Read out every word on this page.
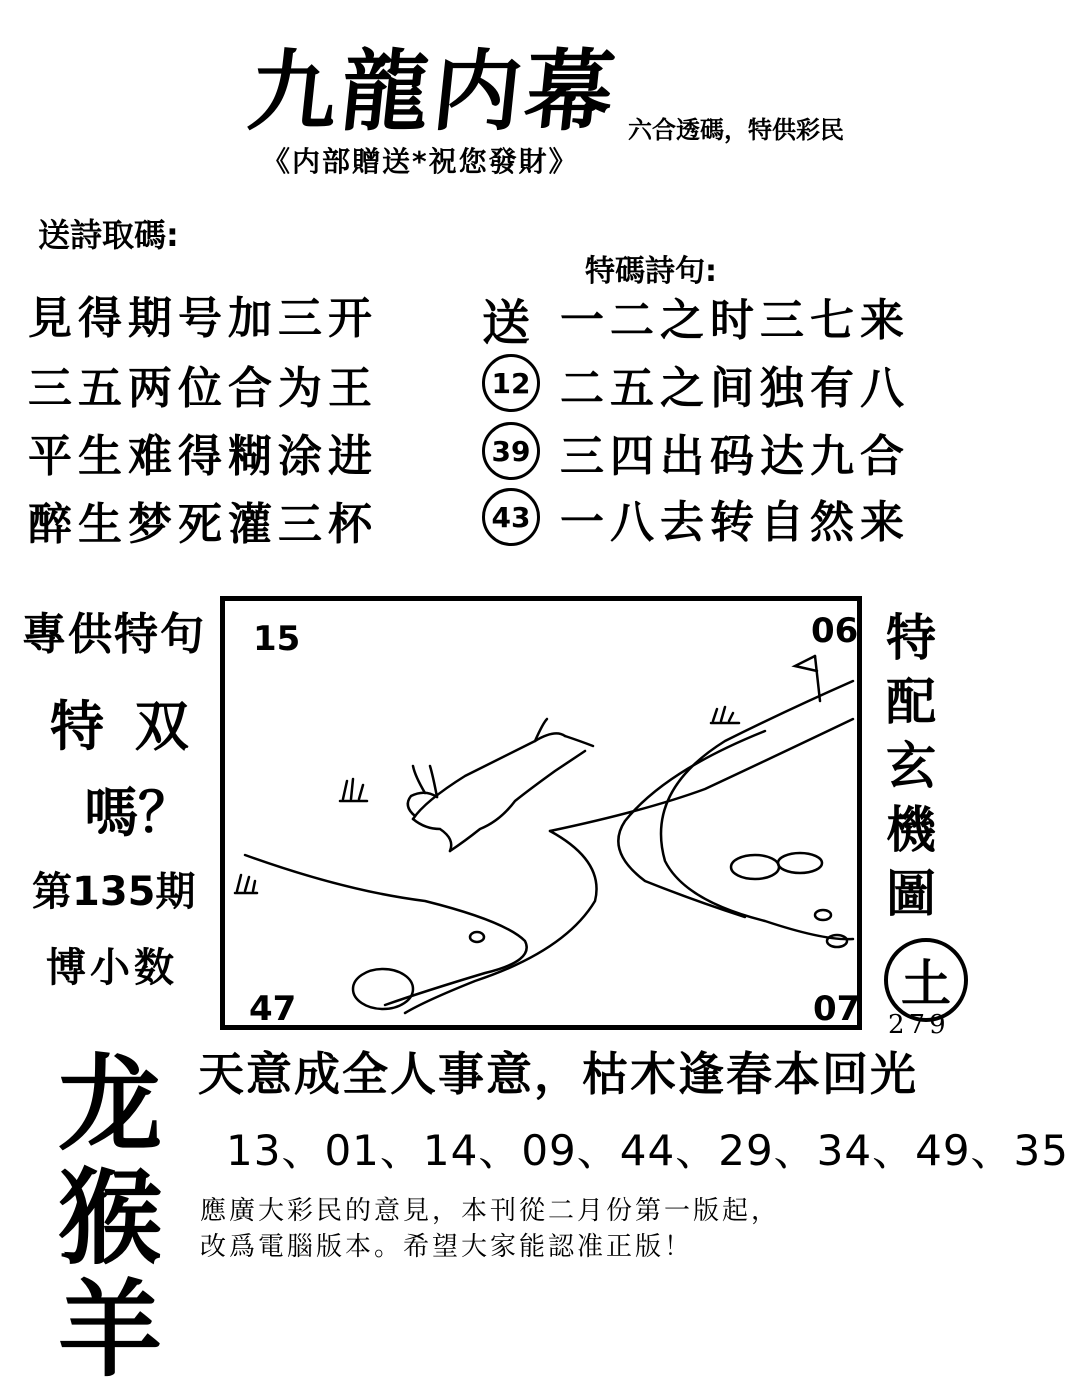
九龍内幕
《内部贈送*祝您發財》
六合透碼，特供彩民
送詩取碼:
見得期号加三开
三五两位合为王
平生难得糊涂进
醉生梦死灌三杯
特碼詩句:
送 一二之时三七来
12 二五之间独有八
39 三四出码达九合
43 一八去转自然来
專供特句
特 双
嗎？
第135期
博小数
15	06
47	07
特配玄機圖
土
279
龙
猴
羊
天意成全人事意，枯木逢春本回光
13、01、14、09、44、29、34、49、35
應廣大彩民的意見，本刊從二月份第一版起，
改爲電腦版本。希望大家能認准正版！
